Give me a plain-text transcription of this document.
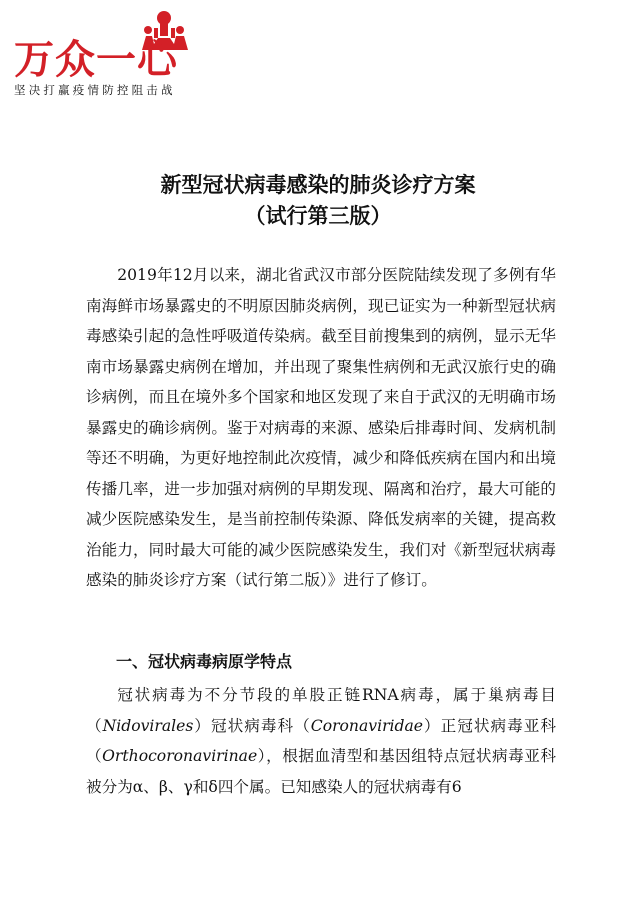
万众一心
坚决打赢疫情防控阻击战
新型冠状病毒感染的肺炎诊疗方案
（试行第三版）

2019年12月以来，湖北省武汉市部分医院陆续发现了多例有华南海鲜市场暴露史的不明原因肺炎病例，现已证实为一种新型冠状病毒感染引起的急性呼吸道传染病。截至目前搜集到的病例，显示无华南市场暴露史病例在增加，并出现了聚集性病例和无武汉旅行史的确诊病例，而且在境外多个国家和地区发现了来自于武汉的无明确市场暴露史的确诊病例。鉴于对病毒的来源、感染后排毒时间、发病机制等还不明确，为更好地控制此次疫情，减少和降低疾病在国内和出境传播几率，进一步加强对病例的早期发现、隔离和治疗，最大可能的减少医院感染发生，是当前控制传染源、降低发病率的关键，提高救治能力，同时最大可能的减少医院感染发生，我们对《新型冠状病毒感染的肺炎诊疗方案（试行第二版）》进行了修订。

一、冠状病毒病原学特点

冠状病毒为不分节段的单股正链RNA病毒，属于巢病毒目（Nidovirales）冠状病毒科（Coronaviridae）正冠状病毒亚科（Orthocoronavirinae），根据血清型和基因组特点冠状病毒亚科被分为α、β、γ和δ四个属。已知感染人的冠状病毒有6
